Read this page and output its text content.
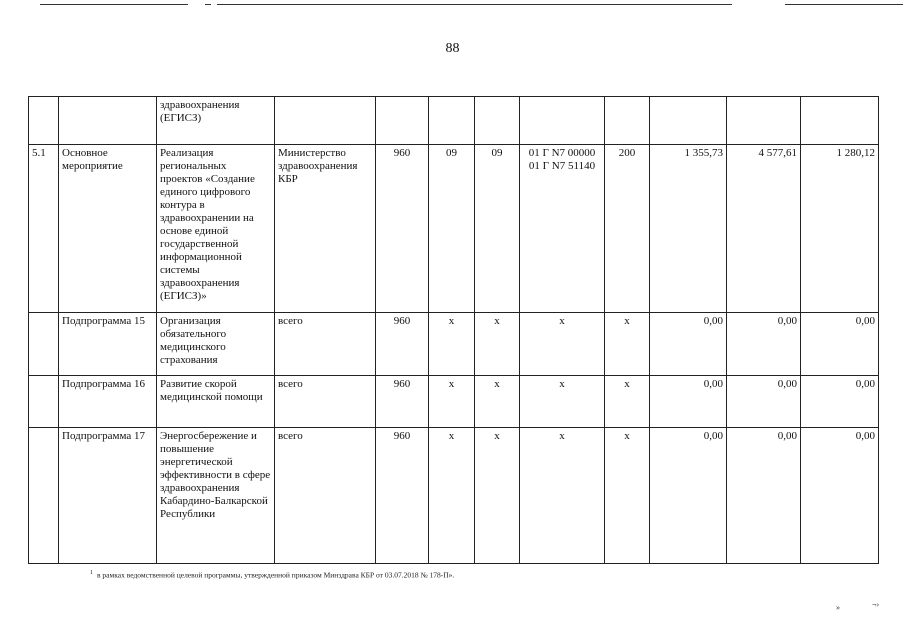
88
		здравоохранения (ЕГИСЗ)									
5.1	Основное мероприятие	Реализация региональных проектов «Создание единого цифрового контура в здравоохранении на основе единой государственной информационной системы здравоохранения (ЕГИСЗ)»	Министерство здравоохранения КБР	960	09	09	01 Г N7 00000 01 Г N7 51140	200	1 355,73	4 577,61	1 280,12
	Подпрограмма 15	Организация обязательного медицинского страхования	всего	960	х	х	х	х	0,00	0,00	0,00
	Подпрограмма 16	Развитие скорой медицинской помощи	всего	960	х	х	х	х	0,00	0,00	0,00
	Подпрограмма 17	Энергосбережение и повышение энергетической эффективности в сфере здравоохранения Кабардино-Балкарской Республики	всего	960	х	х	х	х	0,00	0,00	0,00
$^1$ в рамках ведомственной целевой программы, утвержденной приказом Минздрава КБР от 03.07.2018 № 178-П».
»	¬›
